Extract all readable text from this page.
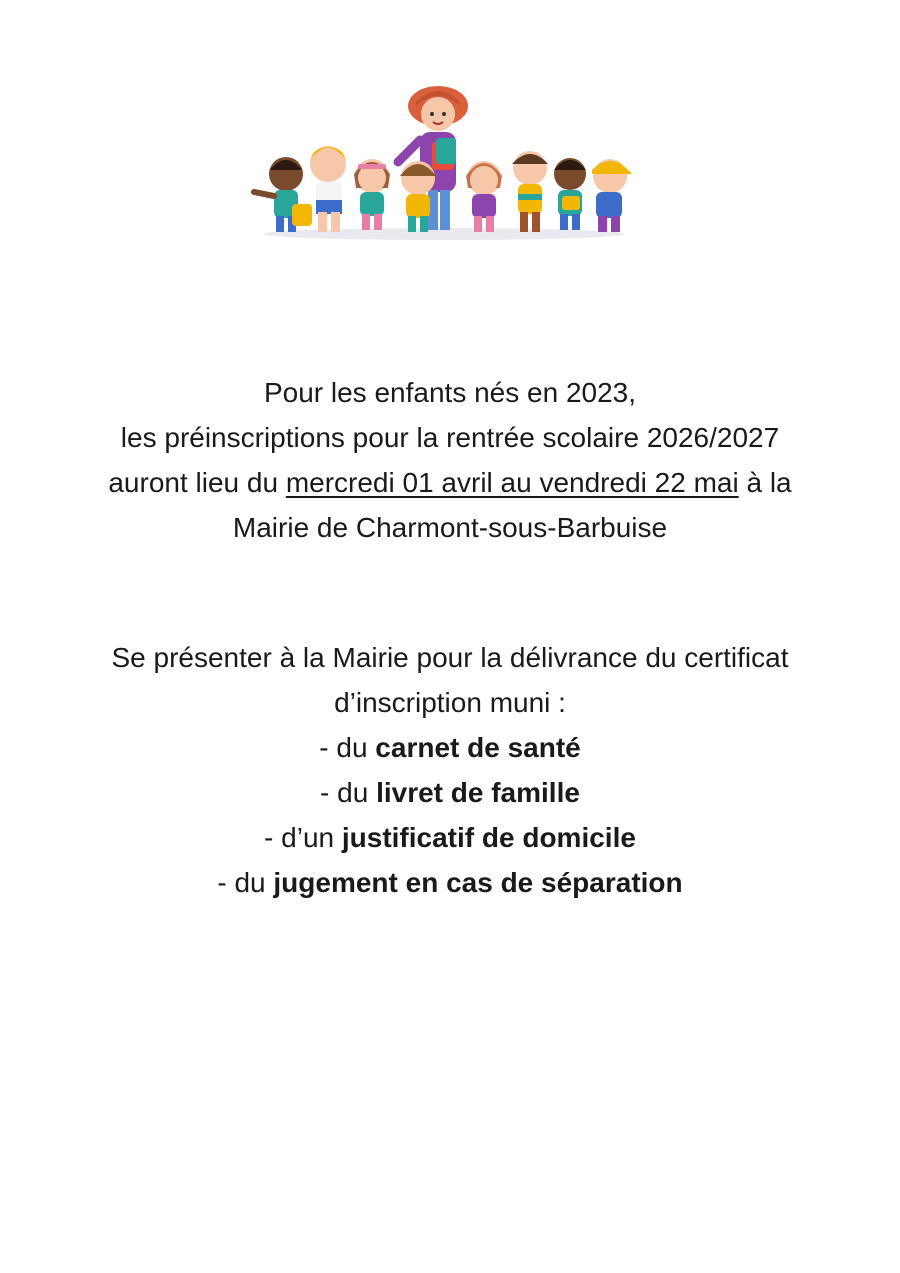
Pour les enfants nés en 2023,
les préinscriptions pour la rentrée scolaire 2026/2027
auront lieu du mercredi 01 avril au vendredi 22 mai à la
Mairie de Charmont-sous-Barbuise
Se présenter à la Mairie pour la délivrance du certificat
d’inscription muni :
- du carnet de santé
- du livret de famille
- d’un justificatif de domicile
- du jugement en cas de séparation
